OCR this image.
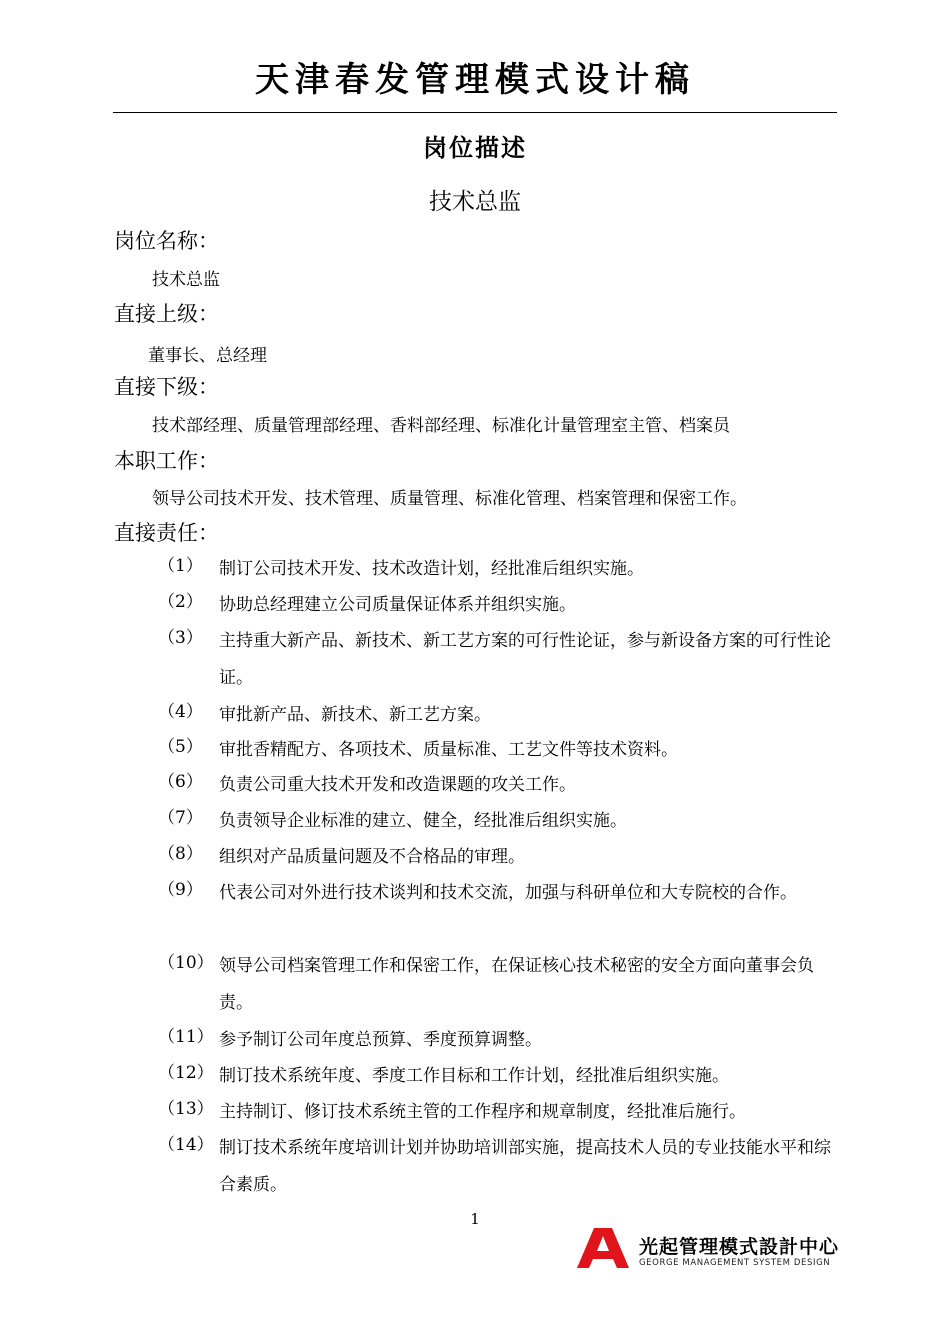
天津春发管理模式设计稿
岗位描述
技术总监
岗位名称：
技术总监
直接上级：
董事长、总经理
直接下级：
技术部经理、质量管理部经理、香料部经理、标准化计量管理室主管、档案员
本职工作：
领导公司技术开发、技术管理、质量管理、标准化管理、档案管理和保密工作。
直接责任：
（1） 制订公司技术开发、技术改造计划，经批准后组织实施。
（2） 协助总经理建立公司质量保证体系并组织实施。
（3） 主持重大新产品、新技术、新工艺方案的可行性论证，参与新设备方案的可行性论证。
（4） 审批新产品、新技术、新工艺方案。
（5） 审批香精配方、各项技术、质量标准、工艺文件等技术资料。
（6） 负责公司重大技术开发和改造课题的攻关工作。
（7） 负责领导企业标准的建立、健全，经批准后组织实施。
（8） 组织对产品质量问题及不合格品的审理。
（9） 代表公司对外进行技术谈判和技术交流，加强与科研单位和大专院校的合作。
（10） 领导公司档案管理工作和保密工作，在保证核心技术秘密的安全方面向董事会负责。
（11） 参予制订公司年度总预算、季度预算调整。
（12） 制订技术系统年度、季度工作目标和工作计划，经批准后组织实施。
（13） 主持制订、修订技术系统主管的工作程序和规章制度，经批准后施行。
（14） 制订技术系统年度培训计划并协助培训部实施，提高技术人员的专业技能水平和综合素质。
1
光起管理模式設計中心
GEORGE MANAGEMENT SYSTEM DESIGN
